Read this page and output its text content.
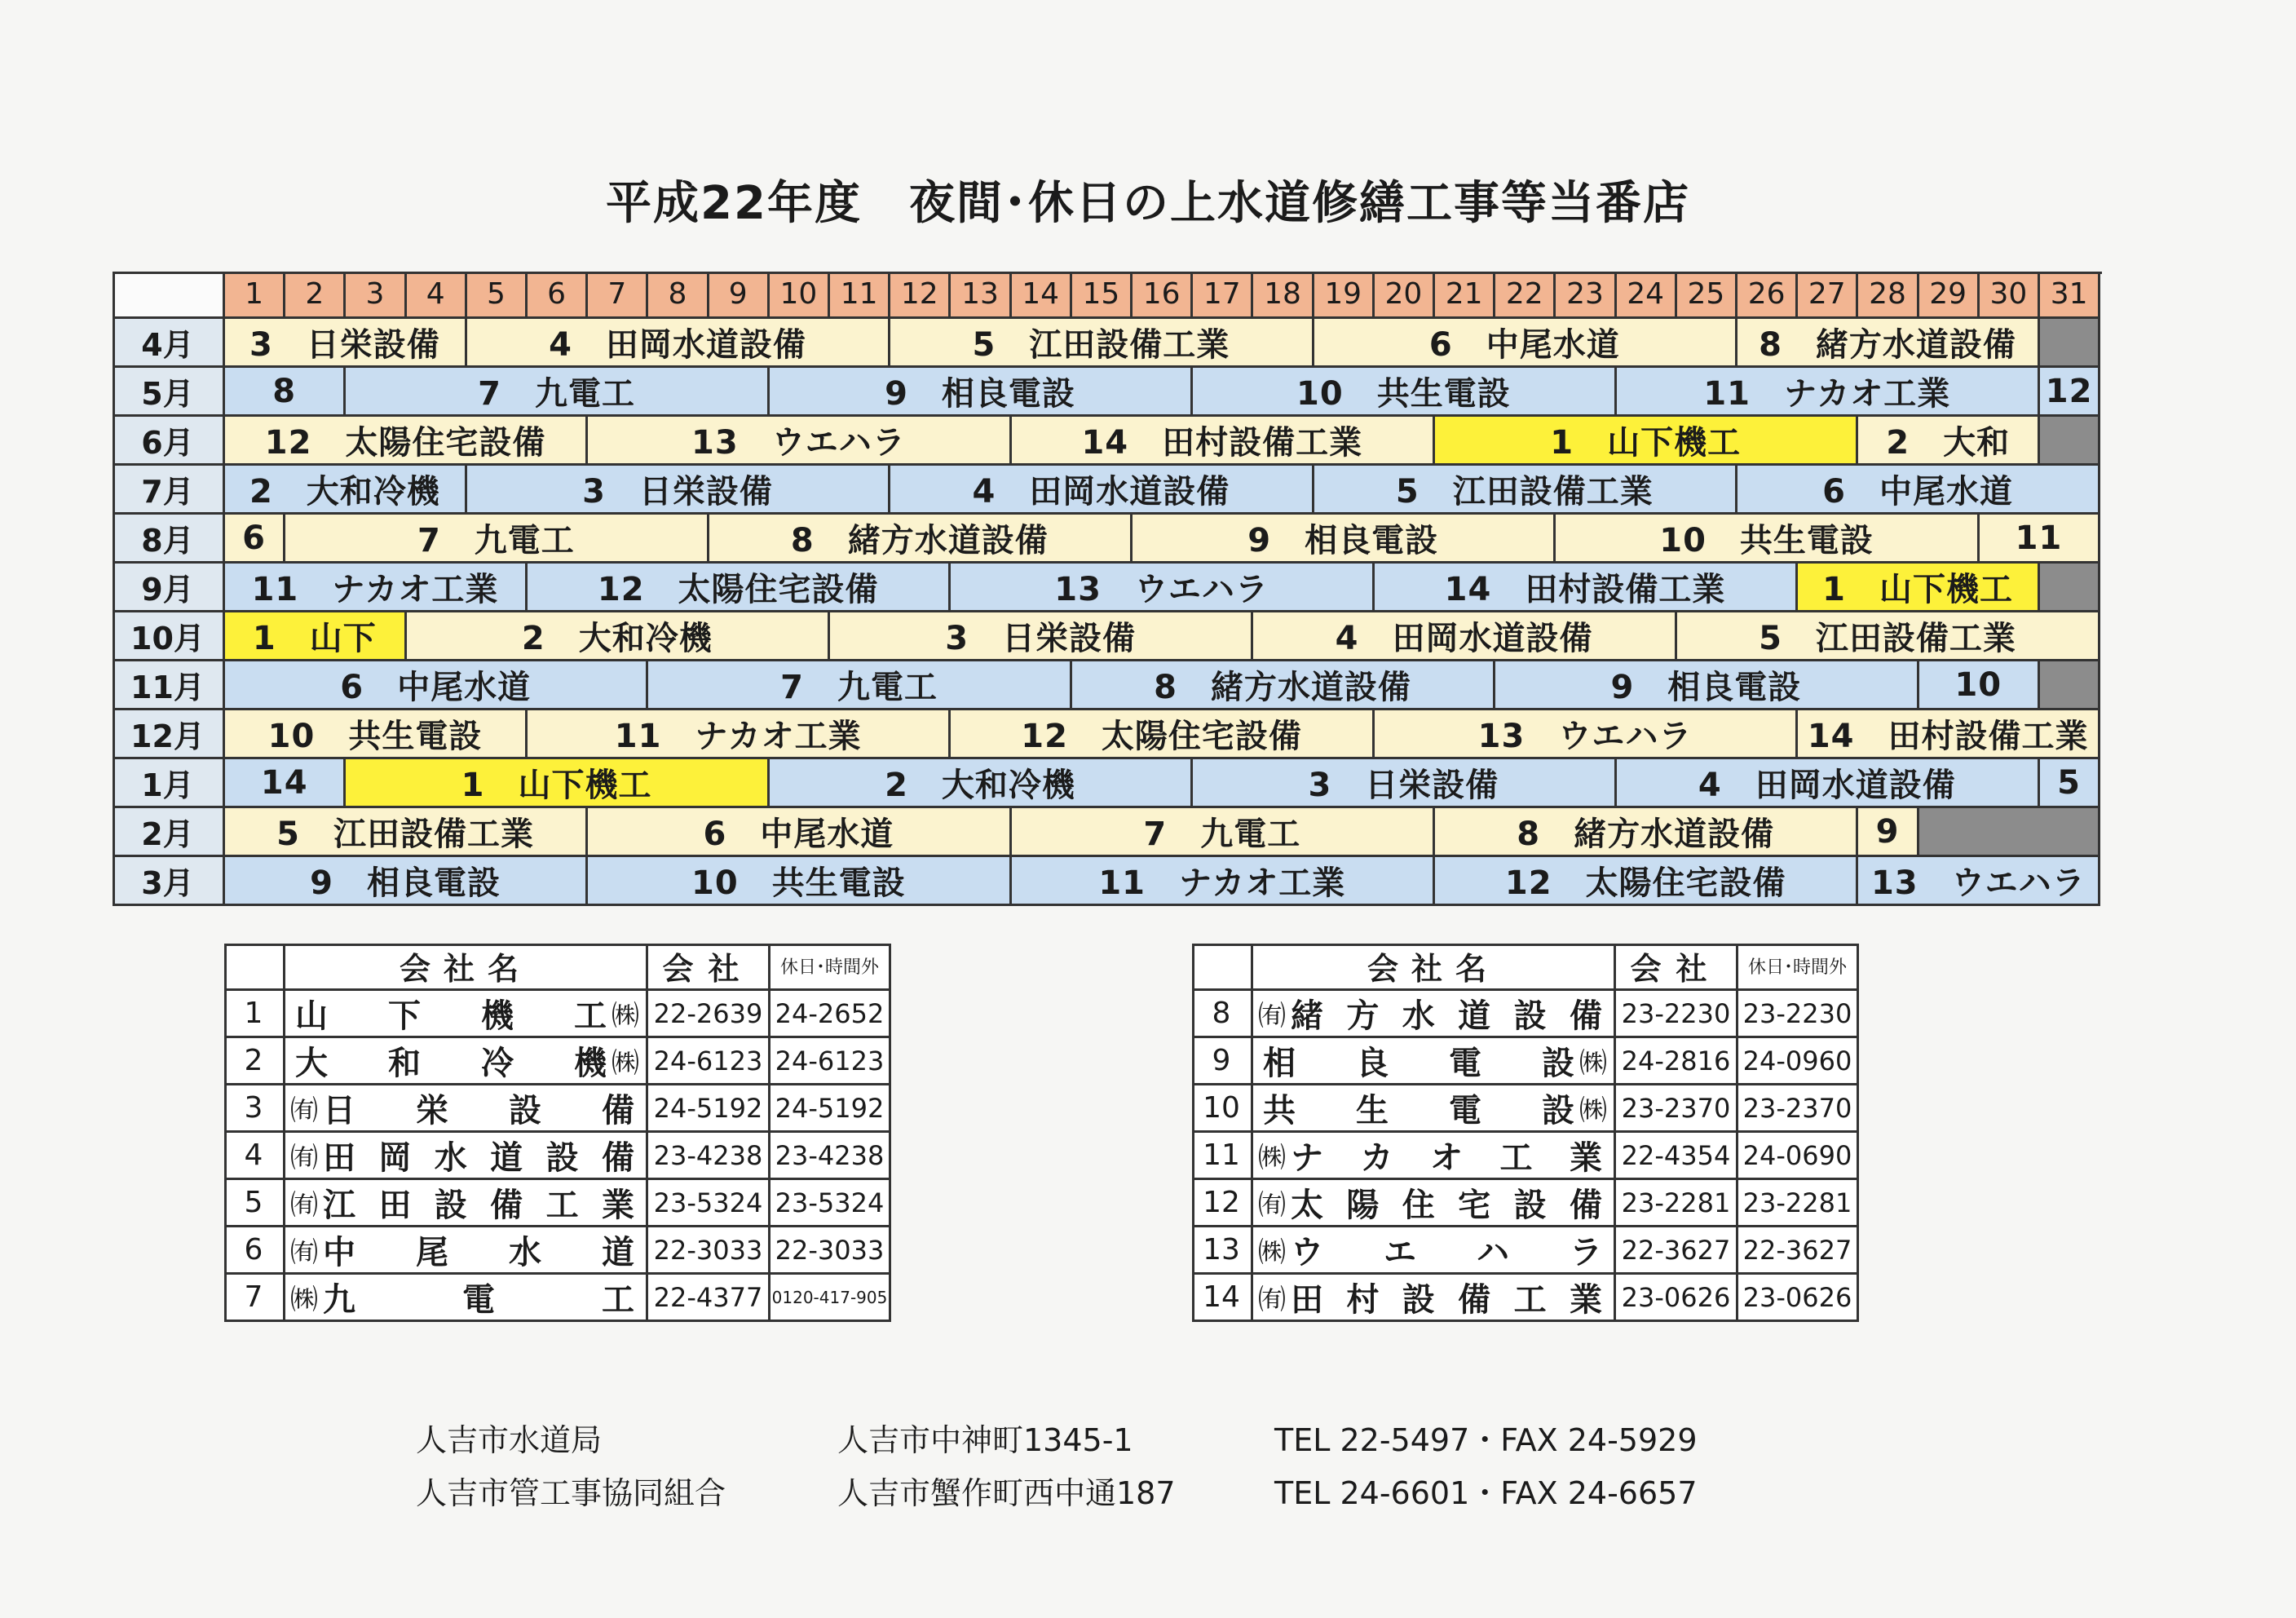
平成22年度　夜間･休日の上水道修繕工事等当番店
1	2	3	4	5	6	7	8	9	10 11 12 13 14 15 16 17 18 19 20 21 22 23 24 25 26 27 28 29 30 31
4月	3　日栄設備	4　田岡水道設備	5　江田設備工業	6　中尾水道	8　緒方水道設備
5月	8	7　九電工	9　相良電設	10　共生電設	11　ナカオ工業	12
6月	12　太陽住宅設備	13　ウエハラ	14　田村設備工業	1　山下機工	2　大和
7月	2　大和冷機	3　日栄設備	4　田岡水道設備	5　江田設備工業	6　中尾水道
8月	6	7　九電工	8　緒方水道設備	9　相良電設	10　共生電設	11
9月	11　ナカオ工業	12　太陽住宅設備	13　ウエハラ	14　田村設備工業	1　山下機工
10月	1　山下	2　大和冷機	3　日栄設備	4　田岡水道設備	5　江田設備工業
11月	6　中尾水道	7　九電工	8　緒方水道設備	9　相良電設	10
12月	10　共生電設	11　ナカオ工業	12　太陽住宅設備	13　ウエハラ	14　田村設備工業
1月	14	1　山下機工	2　大和冷機	3　日栄設備	4　田岡水道設備	5
2月	5　江田設備工業	6　中尾水道	7　九電工	8　緒方水道設備	9
3月	9　相良電設	10　共生電設	11　ナカオ工業	12　太陽住宅設備	13　ウエハラ
会社名	会社	休日･時間外
1 山 下 機 工 ㈱ 22-2639 24-2652
2 大 和 冷 機 ㈱ 24-6123 24-6123
3 ㈲ 日 栄 設 備 24-5192 24-5192
4 ㈲ 田 岡 水 道 設 備 23-4238 23-4238
5 ㈲ 江 田 設 備 工 業 23-5324 23-5324
6 ㈲ 中 尾 水 道 22-3033 22-3033
7 ㈱ 九	電	工 22-4377 0120-417-905
会社名	会社	休日･時間外
8 ㈲ 緒 方 水 道 設 備 23-2230 23-2230
9 相 良 電 設 ㈱ 24-2816 24-0960
10 共 生 電 設 ㈱ 23-2370 23-2370
11 ㈱ ナ カ オ 工 業 22-4354 24-0690
12 ㈲ 太 陽 住 宅 設 備 23-2281 23-2281
13 ㈱ ウ エ ハ ラ 22-3627 22-3627
14 ㈲ 田 村 設 備 工 業 23-0626 23-0626
人吉市水道局	人吉市中神町1345-1	TEL 22-5497・FAX 24-5929
人吉市管工事協同組合	人吉市蟹作町西中通187	TEL 24-6601・FAX 24-6657
